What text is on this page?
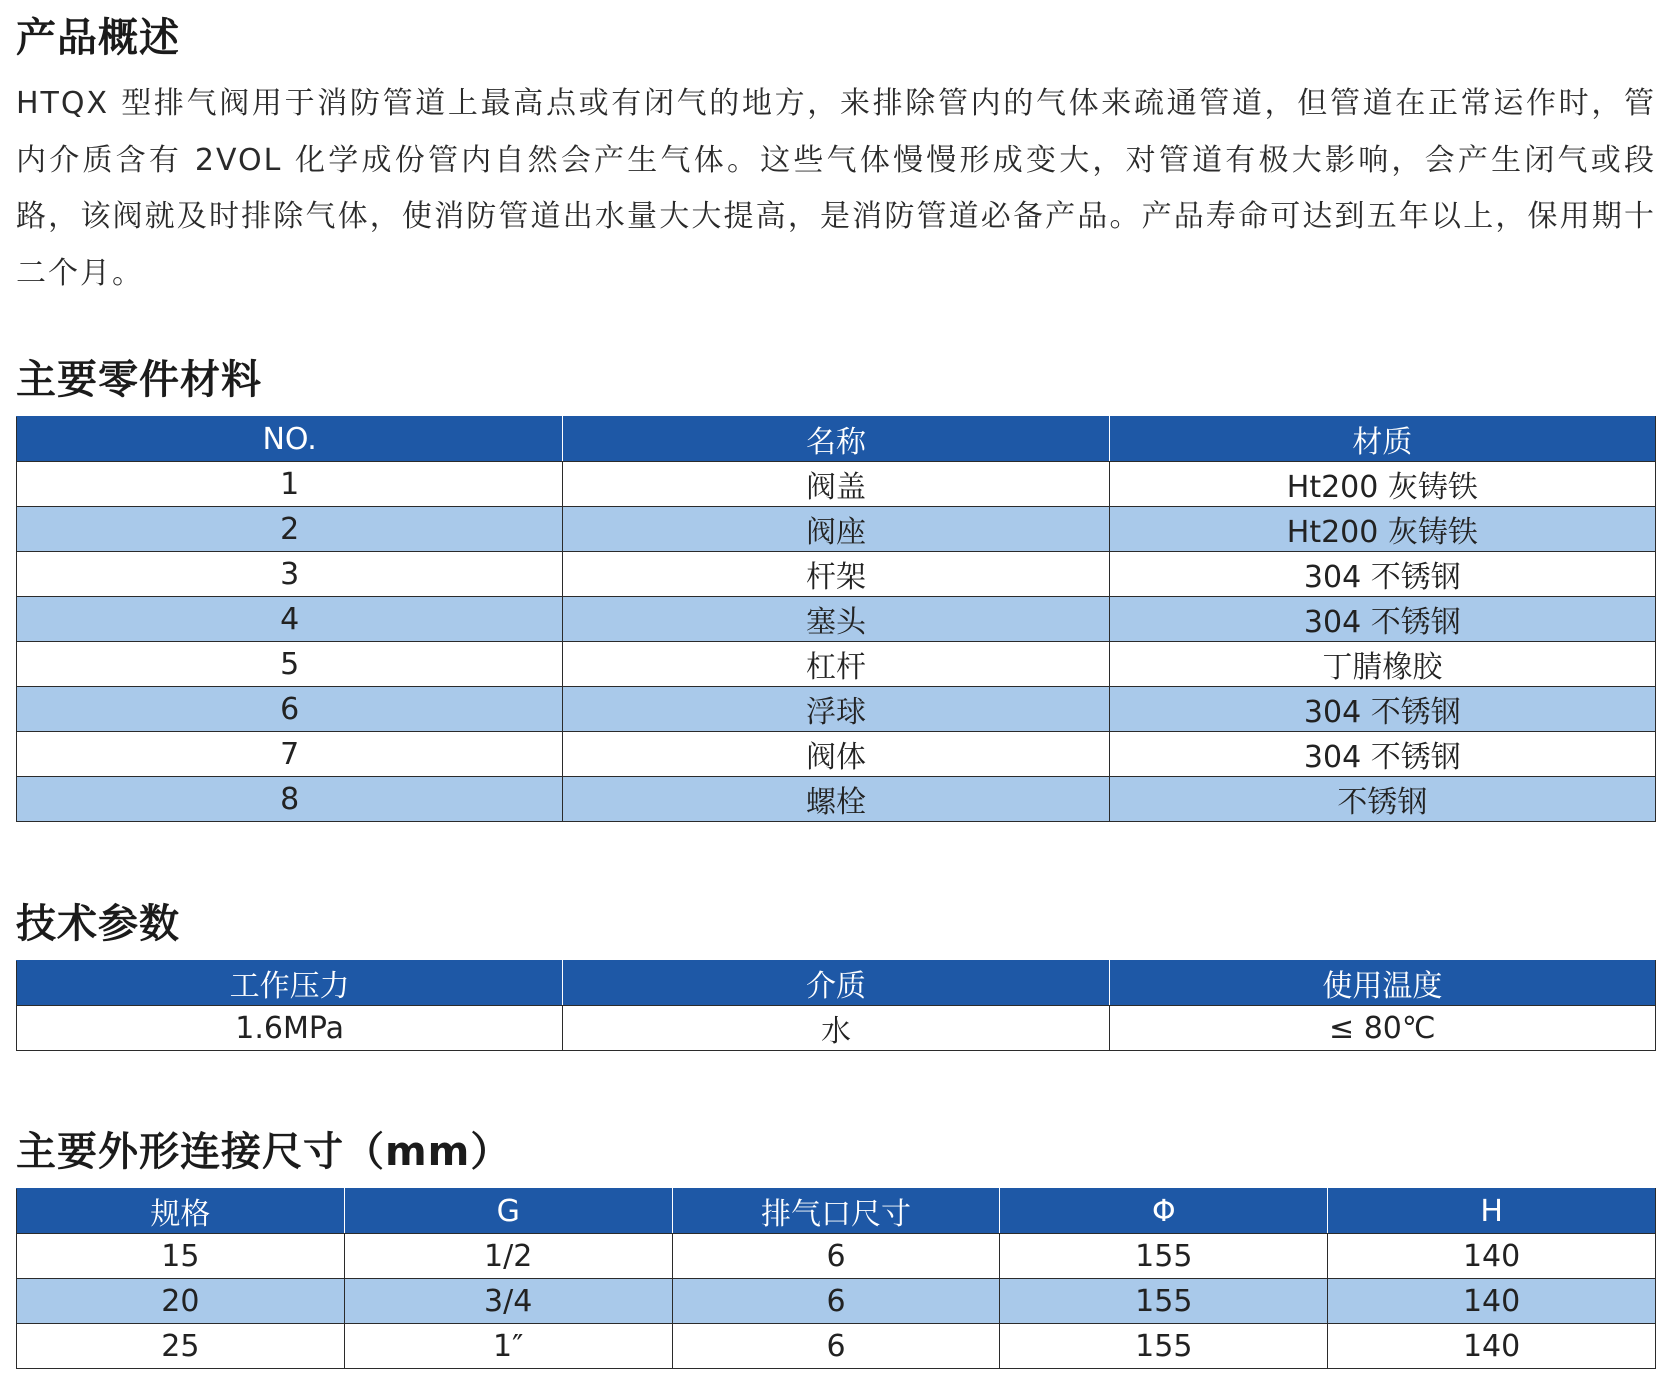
产品概述

HTQX 型排气阀用于消防管道上最高点或有闭气的地方，来排除管内的气体来疏通管道，但管道在正常运作时，管内介质含有 2VOL 化学成份管内自然会产生气体。这些气体慢慢形成变大，对管道有极大影响，会产生闭气或段路，该阀就及时排除气体，使消防管道出水量大大提高，是消防管道必备产品。产品寿命可达到五年以上，保用期十二个月。

主要零件材料
NO.	名称	材质
1	阀盖	Ht200 灰铸铁
2	阀座	Ht200 灰铸铁
3	杆架	304 不锈钢
4	塞头	304 不锈钢
5	杠杆	丁腈橡胶
6	浮球	304 不锈钢
7	阀体	304 不锈钢
8	螺栓	不锈钢
技术参数
工作压力	介质	使用温度
1.6MPa	水	≤ 80℃
主要外形连接尺寸（mm）
规格	G	排气口尺寸	Φ	H
15	1/2	6	155	140
20	3/4	6	155	140
25	1″	6	155	140
